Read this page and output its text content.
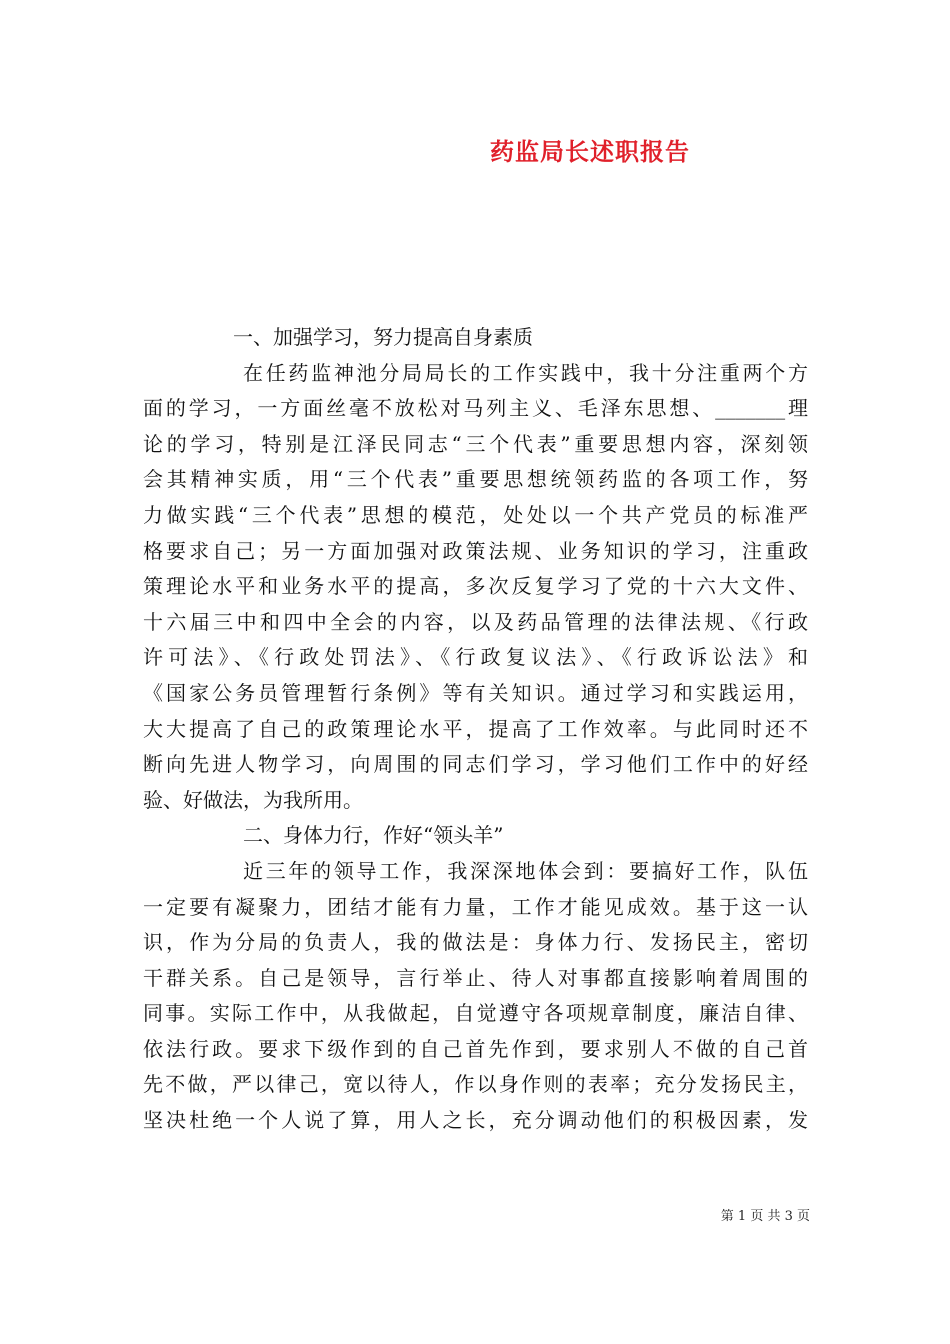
药监局长述职报告
一、加强学习，努力提高自身素质
在任药监神池分局局长的工作实践中，我十分注重两个方
面的学习，一方面丝毫不放松对马列主义、毛泽东思想、_______理
论的学习，特别是江泽民同志“三个代表”重要思想内容，深刻领
会其精神实质，用“三个代表”重要思想统领药监的各项工作，努
力做实践“三个代表”思想的模范，处处以一个共产党员的标准严
格要求自己；另一方面加强对政策法规、业务知识的学习，注重政
策理论水平和业务水平的提高，多次反复学习了党的十六大文件、
十六届三中和四中全会的内容，以及药品管理的法律法规、《行政
许可法》、《行政处罚法》、《行政复议法》、《行政诉讼法》和
《国家公务员管理暂行条例》等有关知识。通过学习和实践运用，
大大提高了自己的政策理论水平，提高了工作效率。与此同时还不
断向先进人物学习，向周围的同志们学习，学习他们工作中的好经
验、好做法，为我所用。
二、身体力行，作好“领头羊”
近三年的领导工作，我深深地体会到：要搞好工作，队伍
一定要有凝聚力，团结才能有力量，工作才能见成效。基于这一认
识，作为分局的负责人，我的做法是：身体力行、发扬民主，密切
干群关系。自己是领导，言行举止、待人对事都直接影响着周围的
同事。实际工作中，从我做起，自觉遵守各项规章制度，廉洁自律、
依法行政。要求下级作到的自己首先作到，要求别人不做的自己首
先不做，严以律己，宽以待人，作以身作则的表率；充分发扬民主，
坚决杜绝一个人说了算，用人之长，充分调动他们的积极因素，发
第 1 页 共 3 页
